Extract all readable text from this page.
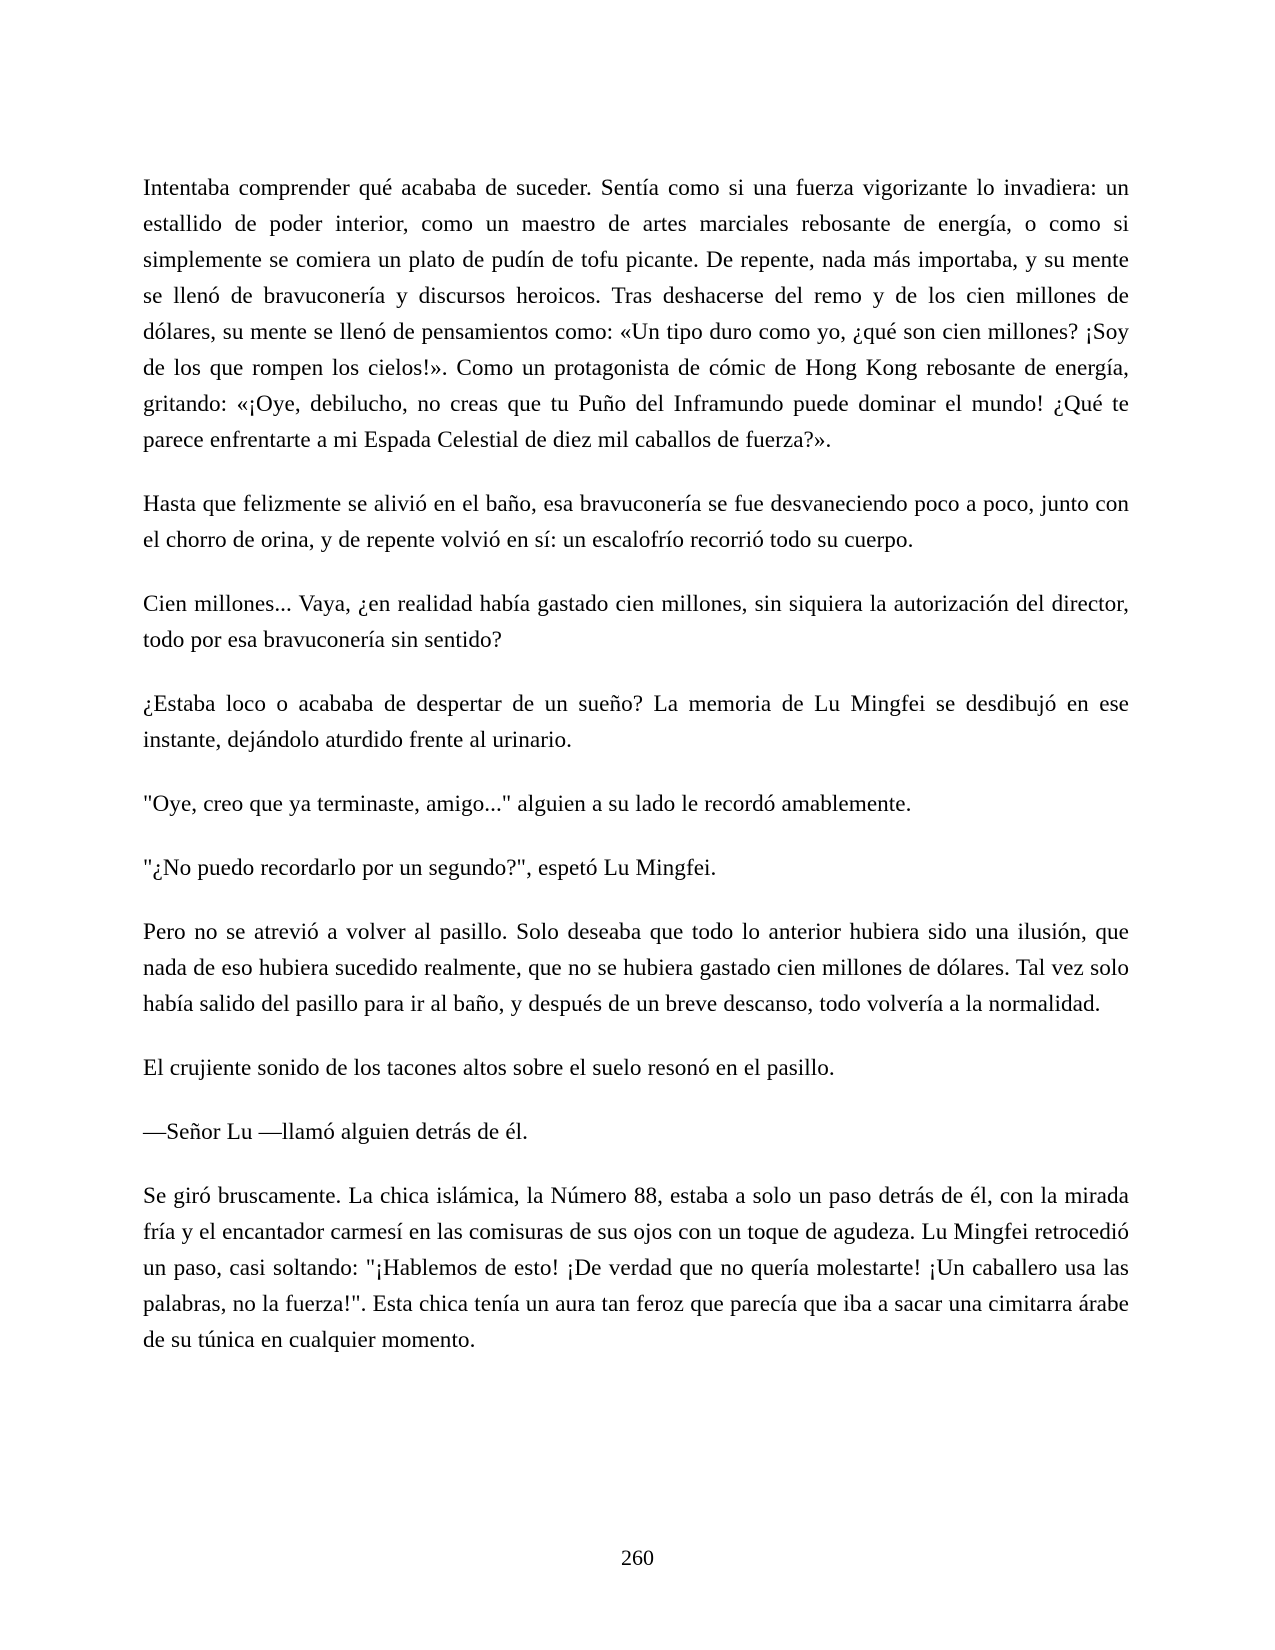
Intentaba comprender qué acababa de suceder. Sentía como si una fuerza vigorizante lo invadiera: un estallido de poder interior, como un maestro de artes marciales rebosante de energía, o como si simplemente se comiera un plato de pudín de tofu picante. De repente, nada más importaba, y su mente se llenó de bravuconería y discursos heroicos. Tras deshacerse del remo y de los cien millones de dólares, su mente se llenó de pensamientos como: «Un tipo duro como yo, ¿qué son cien millones? ¡Soy de los que rompen los cielos!». Como un protagonista de cómic de Hong Kong rebosante de energía, gritando: «¡Oye, debilucho, no creas que tu Puño del Inframundo puede dominar el mundo! ¿Qué te parece enfrentarte a mi Espada Celestial de diez mil caballos de fuerza?».

Hasta que felizmente se alivió en el baño, esa bravuconería se fue desvaneciendo poco a poco, junto con el chorro de orina, y de repente volvió en sí: un escalofrío recorrió todo su cuerpo.

Cien millones... Vaya, ¿en realidad había gastado cien millones, sin siquiera la autorización del director, todo por esa bravuconería sin sentido?

¿Estaba loco o acababa de despertar de un sueño? La memoria de Lu Mingfei se desdibujó en ese instante, dejándolo aturdido frente al urinario.

"Oye, creo que ya terminaste, amigo..." alguien a su lado le recordó amablemente.

"¿No puedo recordarlo por un segundo?", espetó Lu Mingfei.

Pero no se atrevió a volver al pasillo. Solo deseaba que todo lo anterior hubiera sido una ilusión, que nada de eso hubiera sucedido realmente, que no se hubiera gastado cien millones de dólares. Tal vez solo había salido del pasillo para ir al baño, y después de un breve descanso, todo volvería a la normalidad.

El crujiente sonido de los tacones altos sobre el suelo resonó en el pasillo.

—Señor Lu —llamó alguien detrás de él.

Se giró bruscamente. La chica islámica, la Número 88, estaba a solo un paso detrás de él, con la mirada fría y el encantador carmesí en las comisuras de sus ojos con un toque de agudeza. Lu Mingfei retrocedió un paso, casi soltando: "¡Hablemos de esto! ¡De verdad que no quería molestarte! ¡Un caballero usa las palabras, no la fuerza!". Esta chica tenía un aura tan feroz que parecía que iba a sacar una cimitarra árabe de su túnica en cualquier momento.

260
